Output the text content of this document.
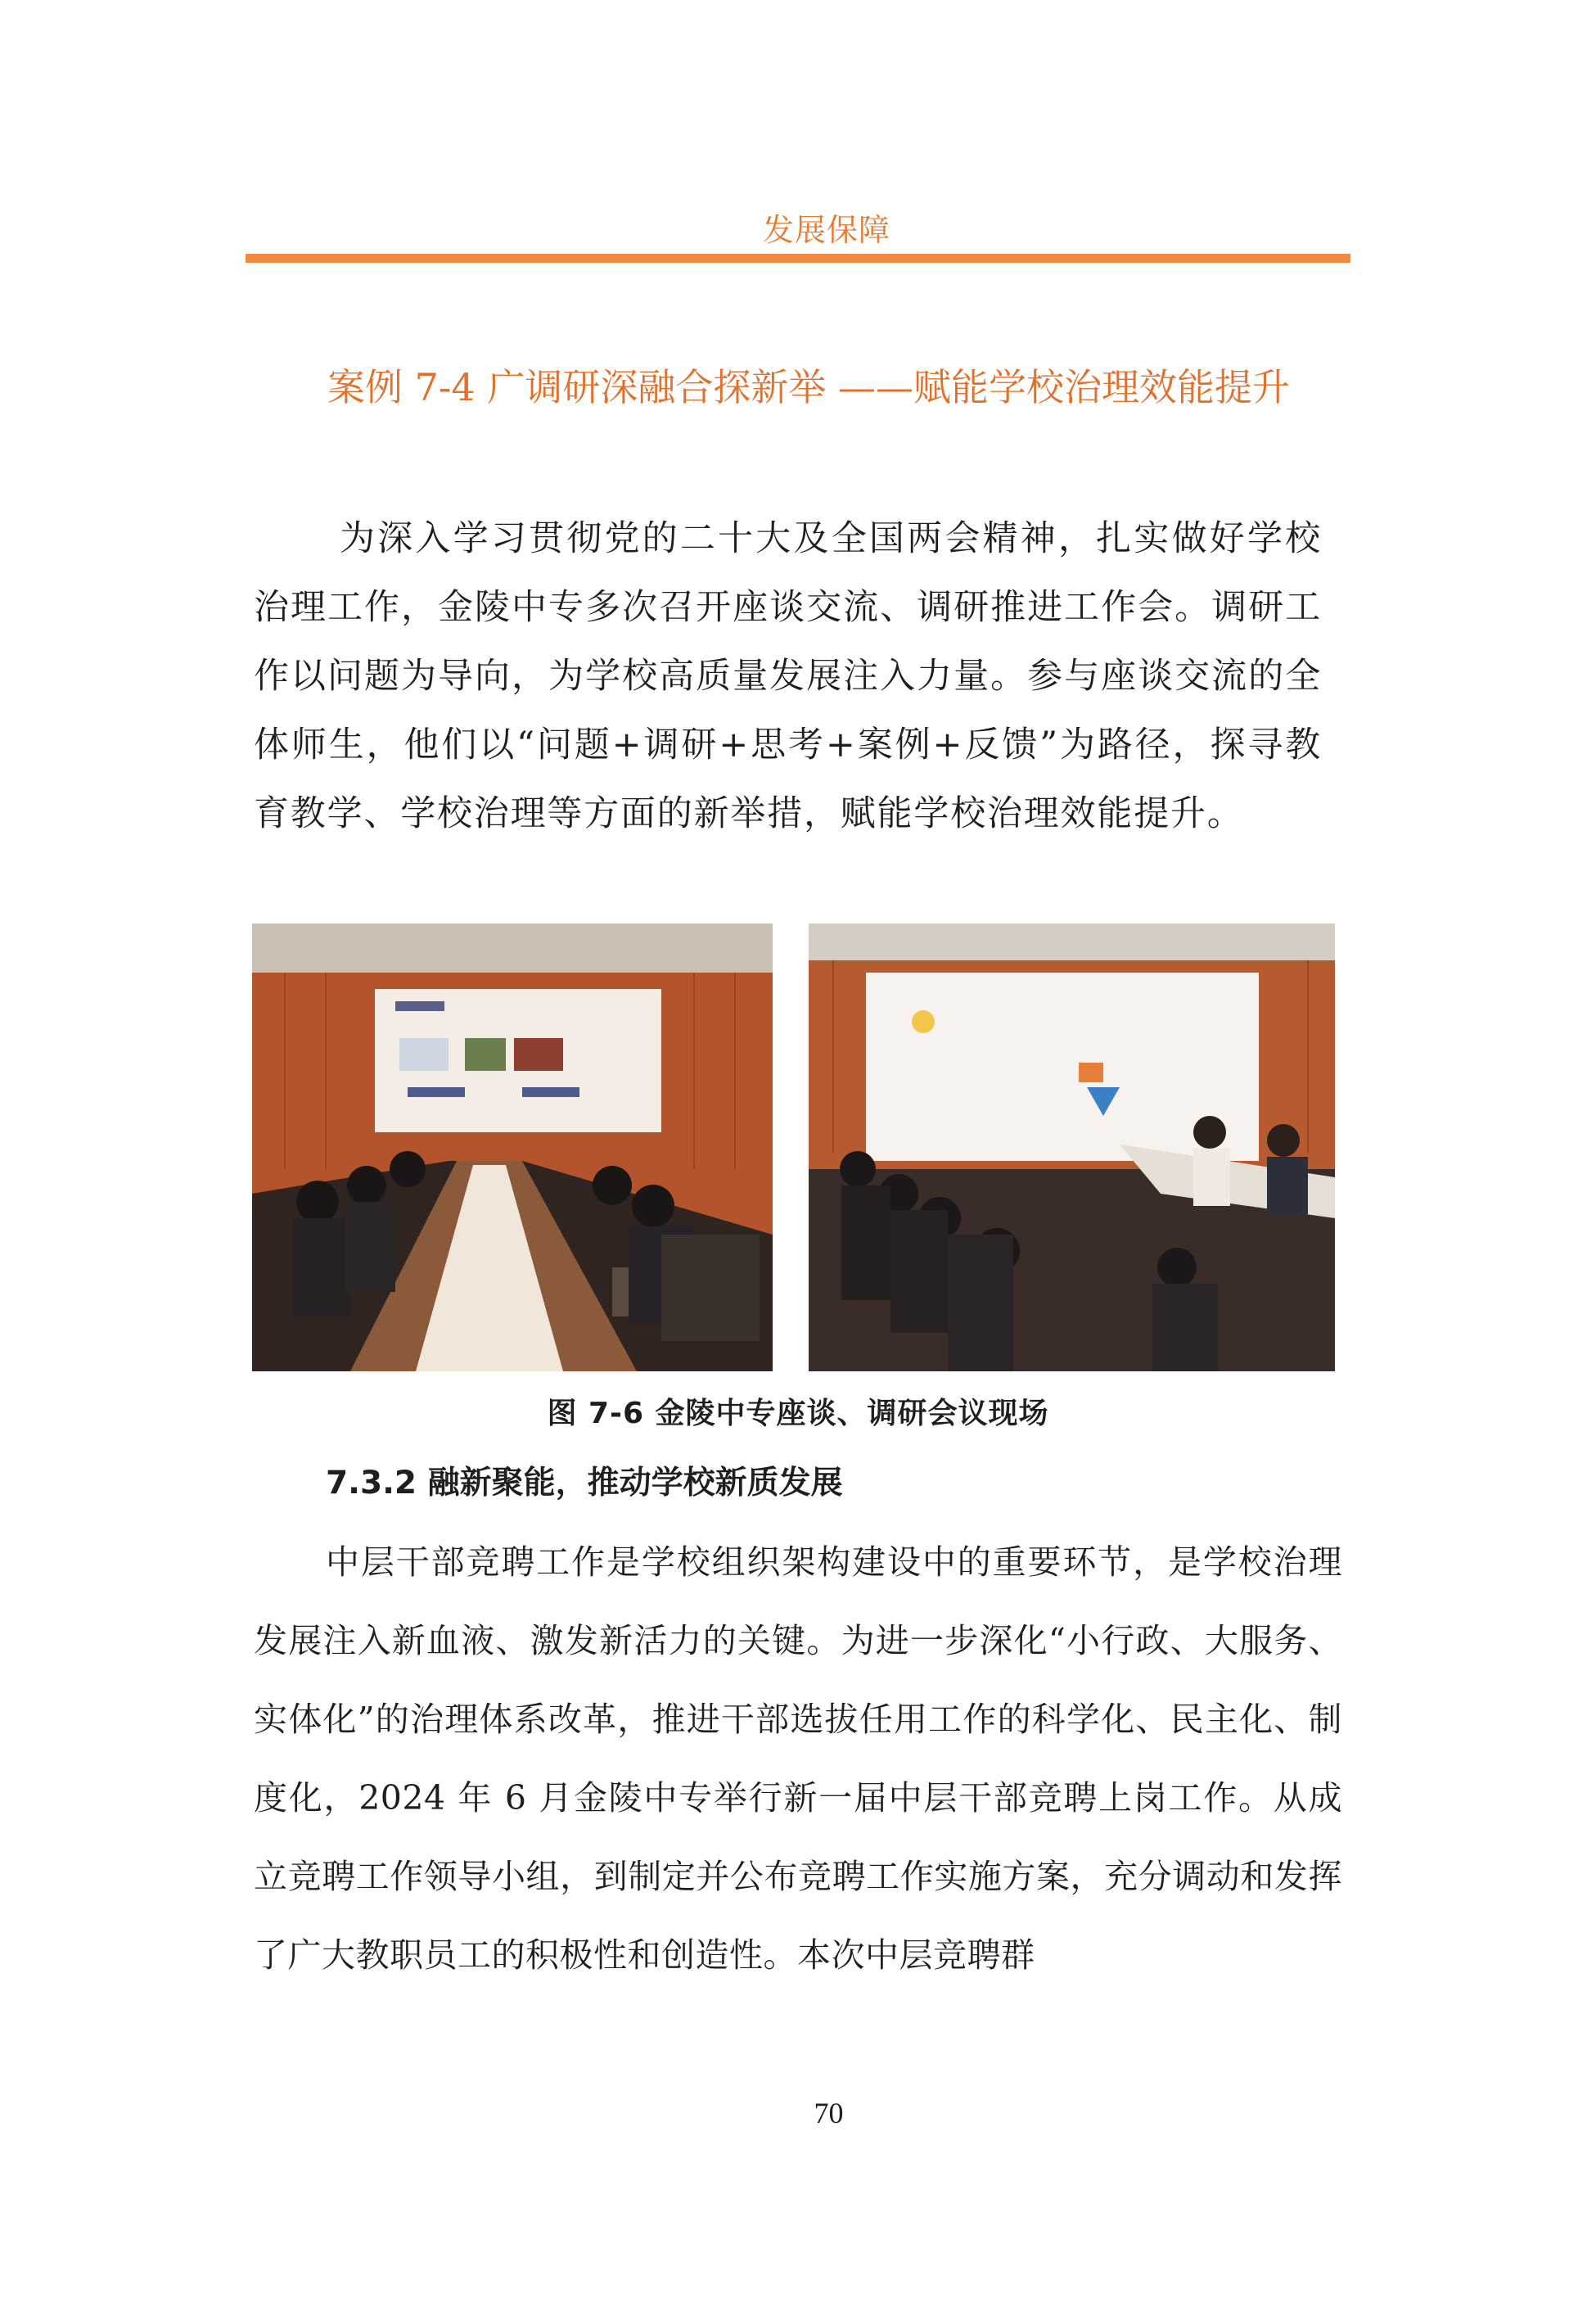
发展保障
案例 7-4 广调研深融合探新举 ——赋能学校治理效能提升
为深入学习贯彻党的二十大及全国两会精神，扎实做好学校治理工作，金陵中专多次召开座谈交流、调研推进工作会。调研工作以问题为导向，为学校高质量发展注入力量。参与座谈交流的全体师生，他们以“问题+调研+思考+案例+反馈”为路径，探寻教育教学、学校治理等方面的新举措，赋能学校治理效能提升。
图 7-6 金陵中专座谈、调研会议现场
7.3.2 融新聚能，推动学校新质发展
中层干部竞聘工作是学校组织架构建设中的重要环节，是学校治理发展注入新血液、激发新活力的关键。为进一步深化“小行政、大服务、实体化”的治理体系改革，推进干部选拔任用工作的科学化、民主化、制度化，2024 年 6 月金陵中专举行新一届中层干部竞聘上岗工作。从成立竞聘工作领导小组，到制定并公布竞聘工作实施方案，充分调动和发挥了广大教职员工的积极性和创造性。本次中层竞聘群
70
